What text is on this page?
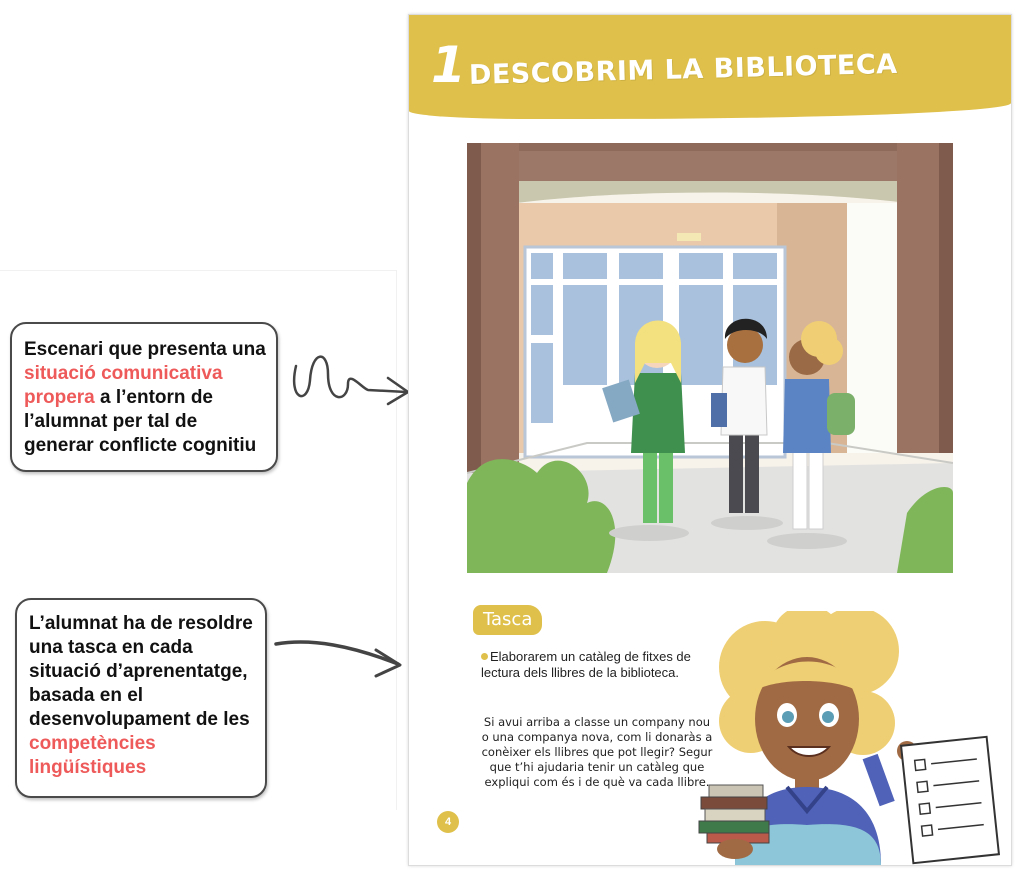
Escenari que presenta una situació comunicativa propera a l’entorn de l’alumnat per tal de generar conflicte cognitiu
L’alumnat ha de resoldre una tasca en cada situació d’aprenentatge, basada en el desenvolupament de les competències lingüístiques
1 DESCOBRIM LA BIBLIOTECA
Tasca
Elaborarem un catàleg de fitxes de lectura dels llibres de la biblioteca.
Si avui arriba a classe un company nou o una companya nova, com li donaràs a conèixer els llibres que pot llegir? Segur que t’hi ajudaria tenir un catàleg que expliqui com és i de què va cada llibre.
4
